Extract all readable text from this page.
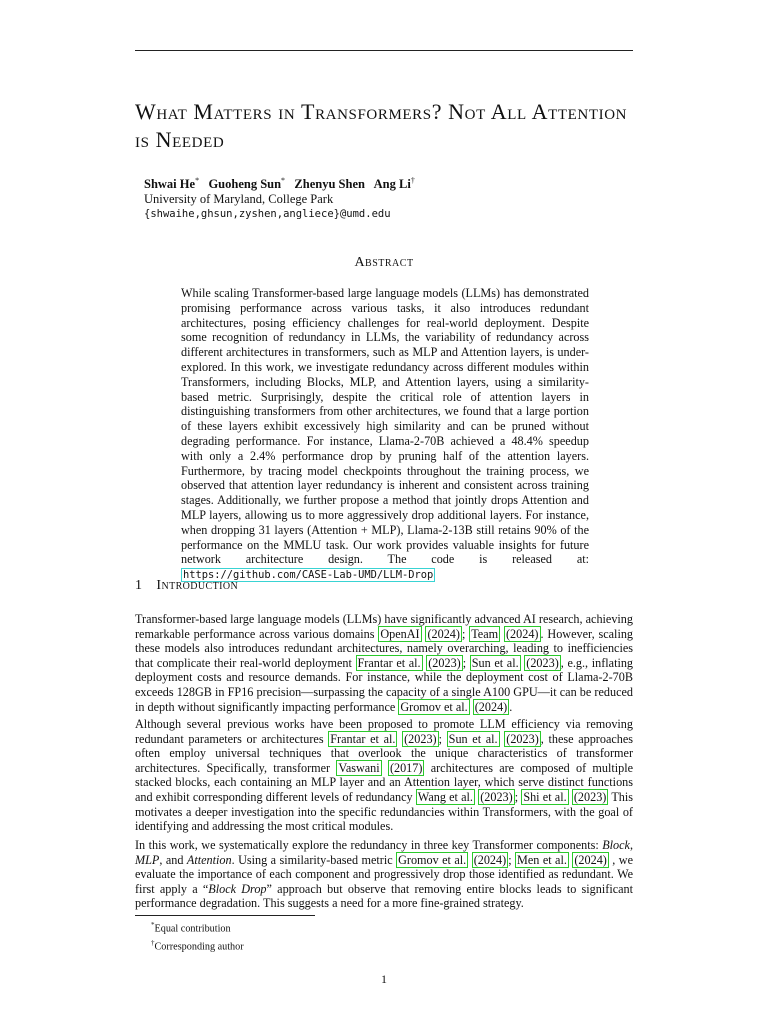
What Matters in Transformers? Not All Attention is Needed
Shwai He* Guoheng Sun* Zhenyu Shen Ang Li†
University of Maryland, College Park
{shwaihe,ghsun,zyshen,angliece}@umd.edu
Abstract

While scaling Transformer-based large language models (LLMs) has demonstrated promising performance across various tasks, it also introduces redundant architectures, posing efficiency challenges for real-world deployment. Despite some recognition of redundancy in LLMs, the variability of redundancy across different architectures in transformers, such as MLP and Attention layers, is under-explored. In this work, we investigate redundancy across different modules within Transformers, including Blocks, MLP, and Attention layers, using a similarity-based metric. Surprisingly, despite the critical role of attention layers in distinguishing transformers from other architectures, we found that a large portion of these layers exhibit excessively high similarity and can be pruned without degrading performance. For instance, Llama-2-70B achieved a 48.4% speedup with only a 2.4% performance drop by pruning half of the attention layers. Furthermore, by tracing model checkpoints throughout the training process, we observed that attention layer redundancy is inherent and consistent across training stages. Additionally, we further propose a method that jointly drops Attention and MLP layers, allowing us to more aggressively drop additional layers. For instance, when dropping 31 layers (Attention + MLP), Llama-2-13B still retains 90% of the performance on the MMLU task. Our work provides valuable insights for future network architecture design. The code is released at: https://github.com/CASE-Lab-UMD/LLM-Drop

1 Introduction

Transformer-based large language models (LLMs) have significantly advanced AI research, achieving remarkable performance across various domains OpenAI (2024) ; Team (2024) . However, scaling these models also introduces redundant architectures, namely overarching, leading to inefficiencies that complicate their real-world deployment Frantar et al. (2023) ; Sun et al. (2023) , e.g., inflating deployment costs and resource demands. For instance, while the deployment cost of Llama-2-70B exceeds 128GB in FP16 precision—surpassing the capacity of a single A100 GPU—it can be reduced in depth without significantly impacting performance Gromov et al. (2024) .

Although several previous works have been proposed to promote LLM efficiency via removing redundant parameters or architectures Frantar et al. (2023) ; Sun et al. (2023) , these approaches often employ universal techniques that overlook the unique characteristics of transformer architectures. Specifically, transformer Vaswani (2017) architectures are composed of multiple stacked blocks, each containing an MLP layer and an Attention layer, which serve distinct functions and exhibit corresponding different levels of redundancy Wang et al. (2023) ; Shi et al. (2023) This motivates a deeper investigation into the specific redundancies within Transformers, with the goal of identifying and addressing the most critical modules.

In this work, we systematically explore the redundancy in three key Transformer components: Block, MLP, and Attention. Using a similarity-based metric Gromov et al. (2024) ; Men et al. (2024) , we evaluate the importance of each component and progressively drop those identified as redundant. We first apply a “Block Drop” approach but observe that removing entire blocks leads to significant performance degradation. This suggests a need for a more fine-grained strategy.

*Equal contribution
†Corresponding author
1
